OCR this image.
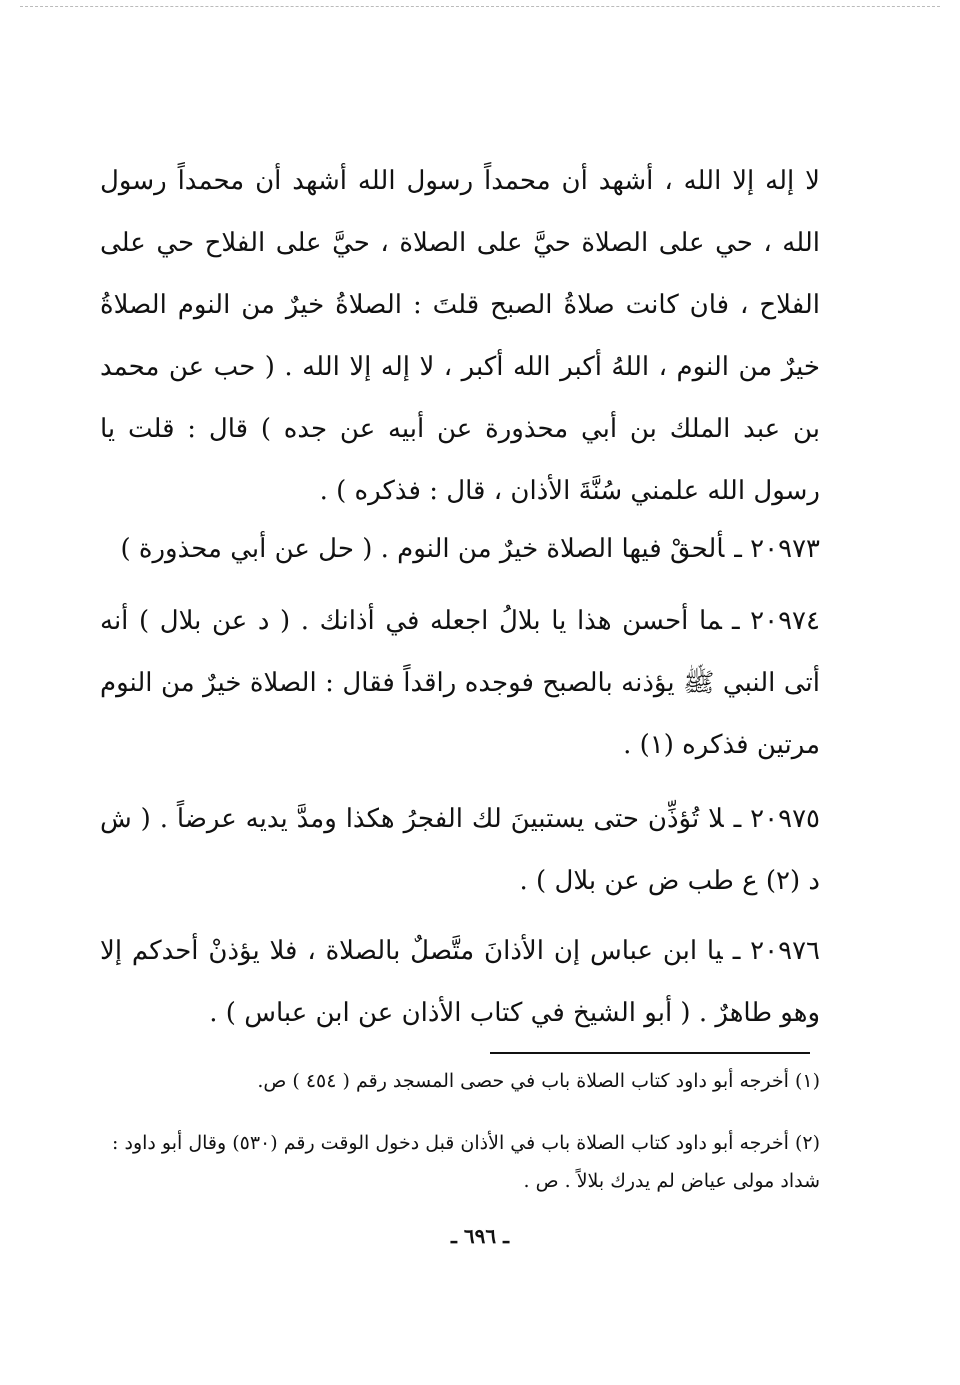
لا إله إلا الله ، أشهد أن محمداً رسول الله أشهد أن محمداً رسول الله ، حي على الصلاة حيَّ على الصلاة ، حيَّ على الفلاح حي على الفلاح ، فان كانت صلاةُ الصبح قلتَ : الصلاةُ خيرٌ من النوم الصلاةُ خيرٌ من النوم ، اللهُ أكبر الله أكبر ، لا إله إلا الله . ( حب عن محمد بن عبد الملك بن أبي محذورة عن أبيه عن جده ) قال : قلت يا رسول الله علمني سُنَّةَ الأذان ، قال : فذكره ) .

٢٠٩٧٣ ـألحقْ فيها الصلاة خيرٌ من النوم . ( حل عن أبي محذورة )

٢٠٩٧٤ ـما أحسن هذا يا بلالُ اجعله في أذانك . ( د عن بلال ) أنه أتى النبي ﷺ يؤذنه بالصبح فوجده راقداً فقال : الصلاة خيرٌ من النوم مرتين فذكره (١) .

٢٠٩٧٥ ـلا تُؤذِّن حتى يستبينَ لك الفجرُ هكذا ومدَّ يديه عرضاً . ( ش د (٢) ع طب ض عن بلال ) .

٢٠٩٧٦ ـيا ابن عباس إن الأذانَ متَّصلٌ بالصلاة ، فلا يؤذنْ أحدكم إلا وهو طاهرٌ . ( أبو الشيخ في كتاب الأذان عن ابن عباس ) .

(١) أخرجه أبو داود كتاب الصلاة باب في حصى المسجد رقم ( ٤٥٤ ) ص.

(٢) أخرجه أبو داود كتاب الصلاة باب في الأذان قبل دخول الوقت رقم (٥٣٠) وقال أبو داود : شداد مولى عياض لم يدرك بلالاً . ص .

ـ ٦٩٦ ـ
